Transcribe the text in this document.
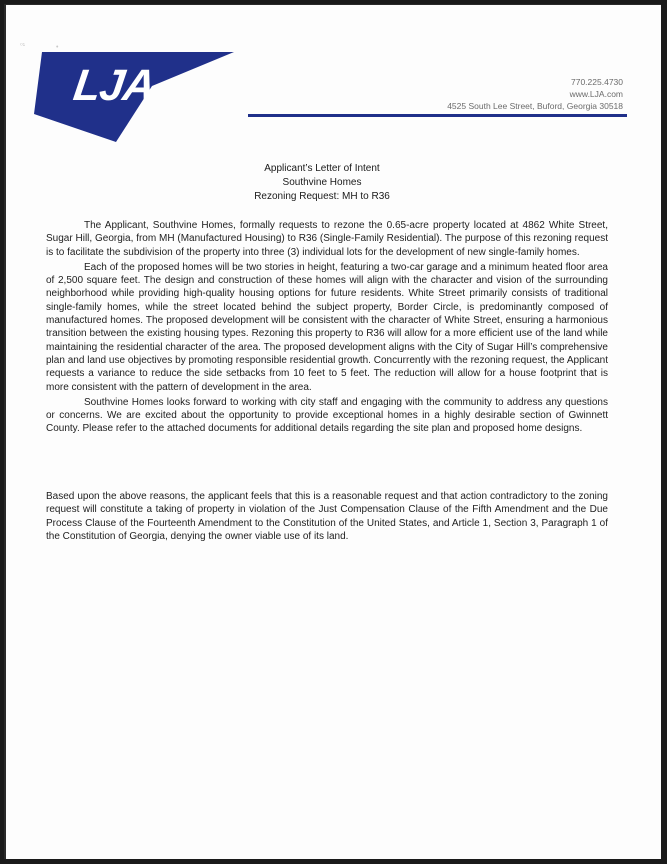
⁰¹	•
LJA	770.225.4730
www.LJA.com
4525 South Lee Street, Buford, Georgia 30518
Applicant’s Letter of Intent
Southvine Homes
Rezoning Request: MH to R36

The Applicant, Southvine Homes, formally requests to rezone the 0.65-acre property located at 4862 White Street, Sugar Hill, Georgia, from MH (Manufactured Housing) to R36 (Single-Family Residential). The purpose of this rezoning request is to facilitate the subdivision of the property into three (3) individual lots for the development of new single-family homes.

Each of the proposed homes will be two stories in height, featuring a two-car garage and a minimum heated floor area of 2,500 square feet. The design and construction of these homes will align with the character and vision of the surrounding neighborhood while providing high-quality housing options for future residents. White Street primarily consists of traditional single-family homes, while the street located behind the subject property, Border Circle, is predominantly composed of manufactured homes. The proposed development will be consistent with the character of White Street, ensuring a harmonious transition between the existing housing types. Rezoning this property to R36 will allow for a more efficient use of the land while maintaining the residential character of the area. The proposed development aligns with the City of Sugar Hill’s comprehensive plan and land use objectives by promoting responsible residential growth. Concurrently with the rezoning request, the Applicant requests a variance to reduce the side setbacks from 10 feet to 5 feet. The reduction will allow for a house footprint that is more consistent with the pattern of development in the area.

Southvine Homes looks forward to working with city staff and engaging with the community to address any questions or concerns. We are excited about the opportunity to provide exceptional homes in a highly desirable section of Gwinnett County. Please refer to the attached documents for additional details regarding the site plan and proposed home designs.

Based upon the above reasons, the applicant feels that this is a reasonable request and that action contradictory to the zoning request will constitute a taking of property in violation of the Just Compensation Clause of the Fifth Amendment and the Due Process Clause of the Fourteenth Amendment to the Constitution of the United States, and Article 1, Section 3, Paragraph 1 of the Constitution of Georgia, denying the owner viable use of its land.
